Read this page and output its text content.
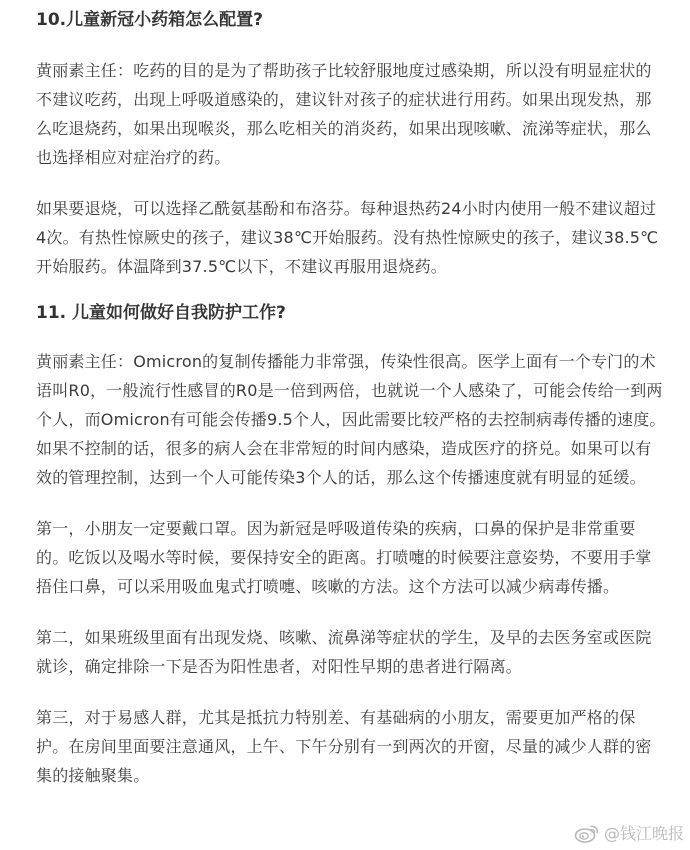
10.儿童新冠小药箱怎么配置?

黄丽素主任：吃药的目的是为了帮助孩子比较舒服地度过感染期，所以没有明显症状的不建议吃药，出现上呼吸道感染的，建议针对孩子的症状进行用药。如果出现发热，那么吃退烧药，如果出现喉炎，那么吃相关的消炎药，如果出现咳嗽、流涕等症状，那么也选择相应对症治疗的药。

如果要退烧，可以选择乙酰氨基酚和布洛芬。每种退热药24小时内使用一般不建议超过4次。有热性惊厥史的孩子，建议38℃开始服药。没有热性惊厥史的孩子，建议38.5℃开始服药。体温降到37.5℃以下，不建议再服用退烧药。

11. 儿童如何做好自我防护工作?

黄丽素主任：Omicron的复制传播能力非常强，传染性很高。医学上面有一个专门的术语叫R0，一般流行性感冒的R0是一倍到两倍，也就说一个人感染了，可能会传给一到两个人，而Omicron有可能会传播9.5个人，因此需要比较严格的去控制病毒传播的速度。如果不控制的话，很多的病人会在非常短的时间内感染，造成医疗的挤兑。如果可以有效的管理控制，达到一个人可能传染3个人的话，那么这个传播速度就有明显的延缓。

第一，小朋友一定要戴口罩。因为新冠是呼吸道传染的疾病，口鼻的保护是非常重要的。吃饭以及喝水等时候，要保持安全的距离。打喷嚏的时候要注意姿势，不要用手掌捂住口鼻，可以采用吸血鬼式打喷嚏、咳嗽的方法。这个方法可以减少病毒传播。

第二，如果班级里面有出现发烧、咳嗽、流鼻涕等症状的学生，及早的去医务室或医院就诊，确定排除一下是否为阳性患者，对阳性早期的患者进行隔离。

第三，对于易感人群，尤其是抵抗力特别差、有基础病的小朋友，需要更加严格的保护。在房间里面要注意通风，上午、下午分别有一到两次的开窗，尽量的减少人群的密集的接触聚集。

@钱江晚报
